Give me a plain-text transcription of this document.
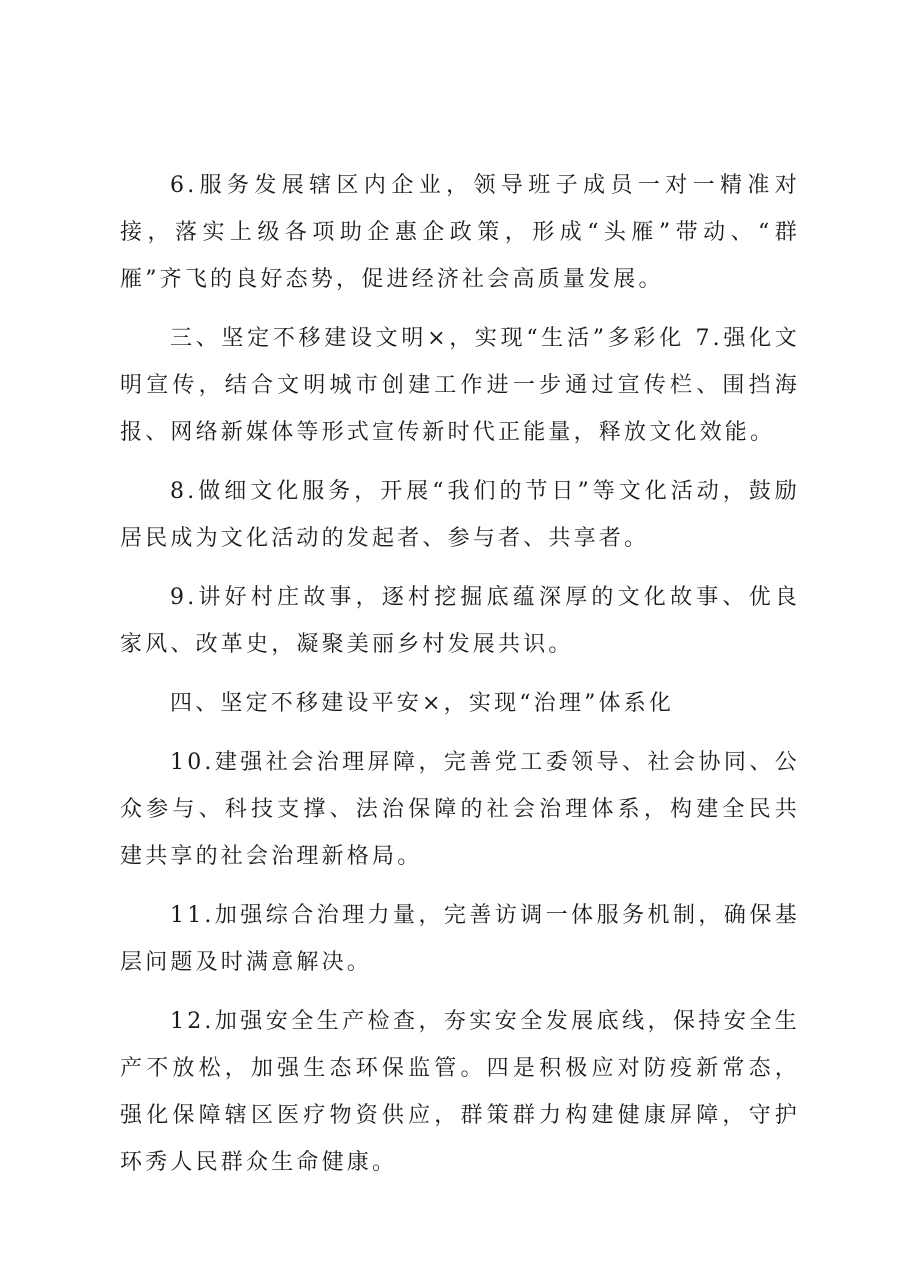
6.服务发展辖区内企业，领导班子成员一对一精准对接，落实上级各项助企惠企政策，形成“头雁”带动、“群雁”齐飞的良好态势，促进经济社会高质量发展。

三、坚定不移建设文明×，实现“生活”多彩化 7.强化文明宣传，结合文明城市创建工作进一步通过宣传栏、围挡海报、网络新媒体等形式宣传新时代正能量，释放文化效能。

8.做细文化服务，开展“我们的节日”等文化活动，鼓励居民成为文化活动的发起者、参与者、共享者。

9.讲好村庄故事，逐村挖掘底蕴深厚的文化故事、优良家风、改革史，凝聚美丽乡村发展共识。

四、坚定不移建设平安×，实现“治理”体系化

10.建强社会治理屏障，完善党工委领导、社会协同、公众参与、科技支撑、法治保障的社会治理体系，构建全民共建共享的社会治理新格局。

11.加强综合治理力量，完善访调一体服务机制，确保基层问题及时满意解决。

12.加强安全生产检查，夯实安全发展底线，保持安全生产不放松，加强生态环保监管。四是积极应对防疫新常态，强化保障辖区医疗物资供应，群策群力构建健康屏障，守护环秀人民群众生命健康。
